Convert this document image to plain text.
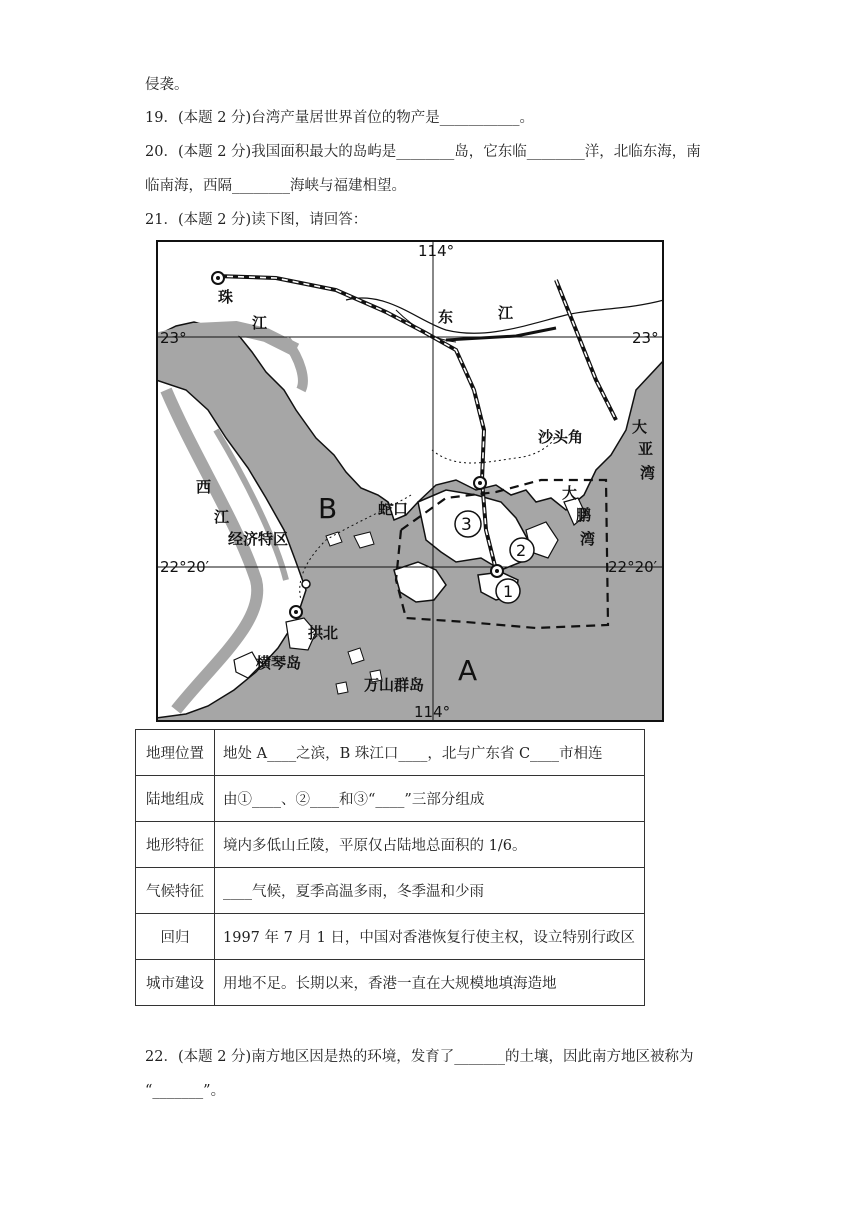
侵袭。
19．(本题 2 分)台湾产量居世界首位的物产是___________。
20．(本题 2 分)我国面积最大的岛屿是________岛，它东临________洋，北临东海，南
临南海，西隔________海峡与福建相望。
21．(本题 2 分)读下图，请回答：
114°
114°
23°	23°
22°20′	22°20′
珠
江	东	江
沙头角
大
亚
湾
大
鹏
湾
西
江	B	蛇口
经济特区
拱北
横琴岛
万山群岛 A
3
2
1
地理位置	地处 A____之滨，B 珠江口____，北与广东省 C____市相连
陆地组成	由①____、②____和③“____”三部分组成
地形特征	境内多低山丘陵，平原仅占陆地总面积的 1/6。
气候特征	____气候，夏季高温多雨，冬季温和少雨
回归	1997 年 7 月 1 日，中国对香港恢复行使主权，设立特别行政区
城市建设	用地不足。长期以来，香港一直在大规模地填海造地
22．(本题 2 分)南方地区因是热的环境，发育了_______的土壤，因此南方地区被称为
“_______”。
